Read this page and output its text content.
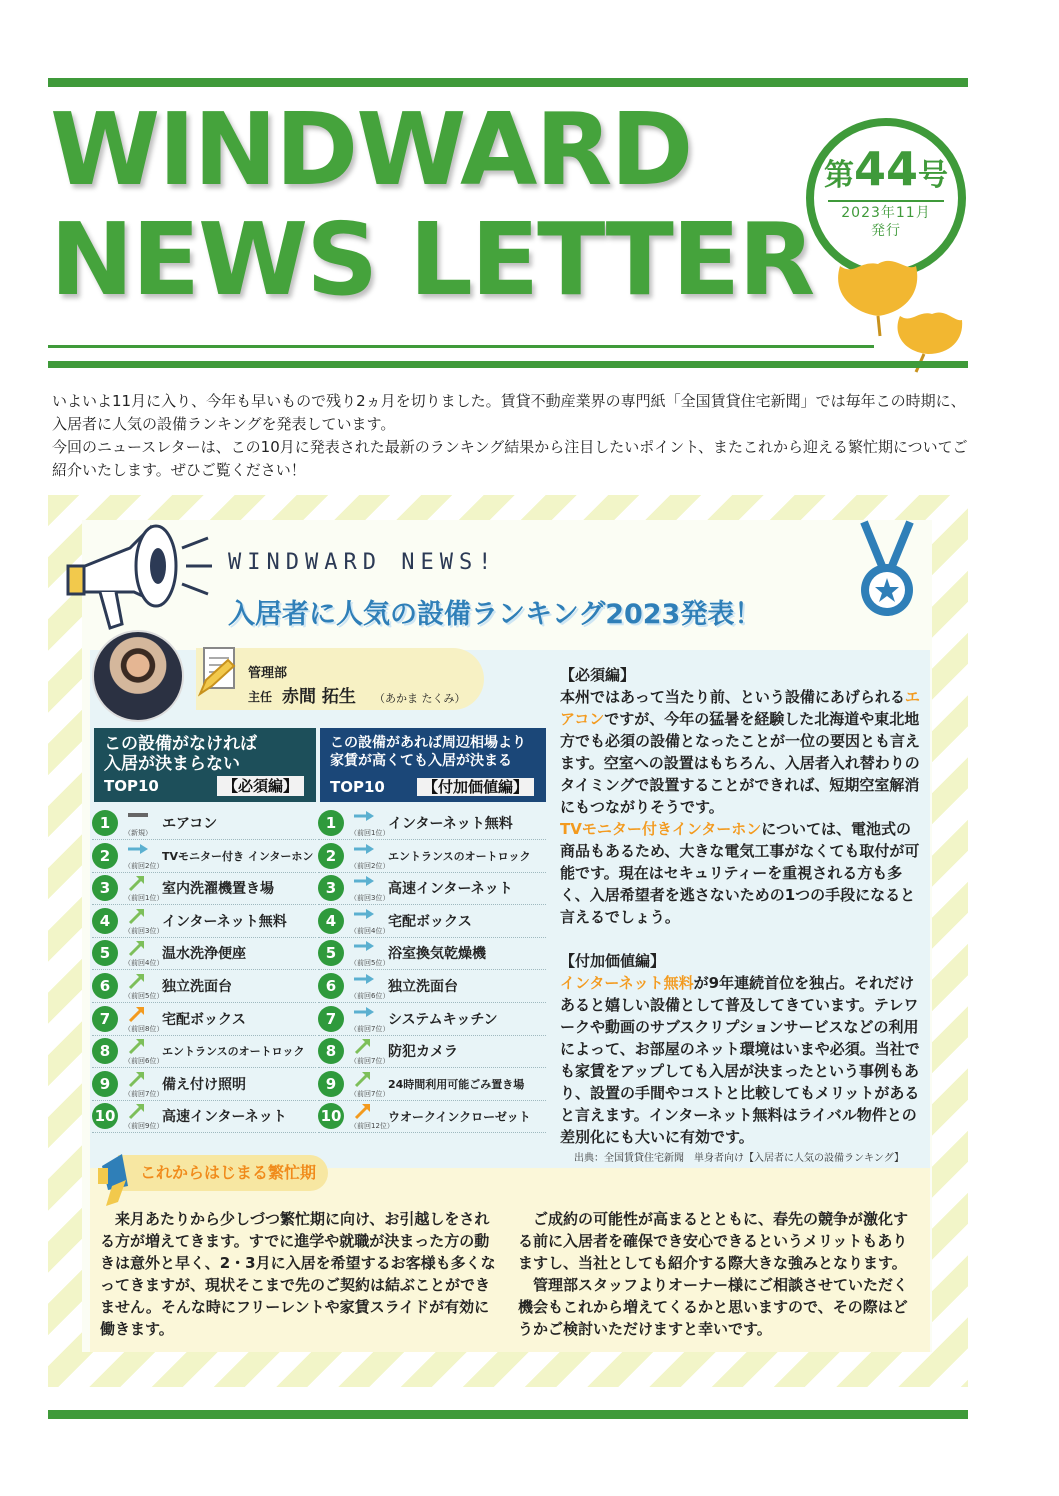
WINDWARD
NEWS LETTER
第44号
2023年11月
発行

いよいよ11月に入り、今年も早いもので残り2ヵ月を切りました。賃貸不動産業界の専門紙「全国賃貸住宅新聞」では毎年この時期に、入居者に人気の設備ランキングを発表しています。

今回のニュースレターは、この10月に発表された最新のランキング結果から注目したいポイント、またこれから迎える繁忙期についてご紹介いたします。ぜひご覧ください！

WINDWARD NEWS!
入居者に人気の設備ランキング2023発表！
管理部
主任 赤間 拓生 （あかま たくみ）
この設備がなければ
入居が決まらない
TOP10	【必須編】
この設備があれば周辺相場より
家賃が高くても入居が決まる
TOP10	【付加価値編】
1
（新規）
エアコン
2
（前回2位）
TVモニター付き インターホン
3
（前回1位）
室内洗濯機置き場
4
（前回3位）
インターネット無料
5
（前回4位）
温水洗浄便座
6
（前回5位）
独立洗面台
7
（前回8位）
宅配ボックス
8
（前回6位）
エントランスのオートロック
9
（前回7位）
備え付け照明
10
（前回9位）
高速インターネット
1
（前回1位）
インターネット無料
2
（前回2位）
エントランスのオートロック
3
（前回3位）
高速インターネット
4
（前回4位）
宅配ボックス
5
（前回5位）
浴室換気乾燥機
6
（前回6位）
独立洗面台
7
（前回7位）
システムキッチン
8
（前回7位）
防犯カメラ
9
（前回7位）
24時間利用可能ごみ置き場
10
（前回12位）
ウオークインクローゼット

【必須編】

本州ではあって当たり前、という設備にあげられるエアコンですが、今年の猛暑を経験した北海道や東北地方でも必須の設備となったことが一位の要因とも言えます。空室への設置はもちろん、入居者入れ替わりのタイミングで設置することができれば、短期空室解消にもつながりそうです。

TVモニター付きインターホンについては、電池式の商品もあるため、大きな電気工事がなくても取付が可能です。現在はセキュリティーを重視される方も多く、入居希望者を逃さないための1つの手段になると言えるでしょう。

【付加価値編】

インターネット無料が9年連続首位を独占。それだけあると嬉しい設備として普及してきています。テレワークや動画のサブスクリプションサービスなどの利用によって、お部屋のネット環境はいまや必須。当社でも家賃をアップしても入居が決まったという事例もあり、設置の手間やコストと比較してもメリットがあると言えます。インターネット無料はライバル物件との差別化にも大いに有効です。

出典：全国賃貸住宅新聞　単身者向け【入居者に人気の設備ランキング】
これからはじまる繁忙期

来月あたりから少しづつ繁忙期に向け、お引越しをされる方が増えてきます。すでに進学や就職が決まった方の動きは意外と早く、2・3月に入居を希望するお客様も多くなってきますが、現状そこまで先のご契約は結ぶことができません。そんな時にフリーレントや家賃スライドが有効に働きます。

ご成約の可能性が高まるとともに、春先の競争が激化する前に入居者を確保でき安心できるというメリットもありますし、当社としても紹介する際大きな強みとなります。

管理部スタッフよりオーナー様にご相談させていただく機会もこれから増えてくるかと思いますので、その際はどうかご検討いただけますと幸いです。
